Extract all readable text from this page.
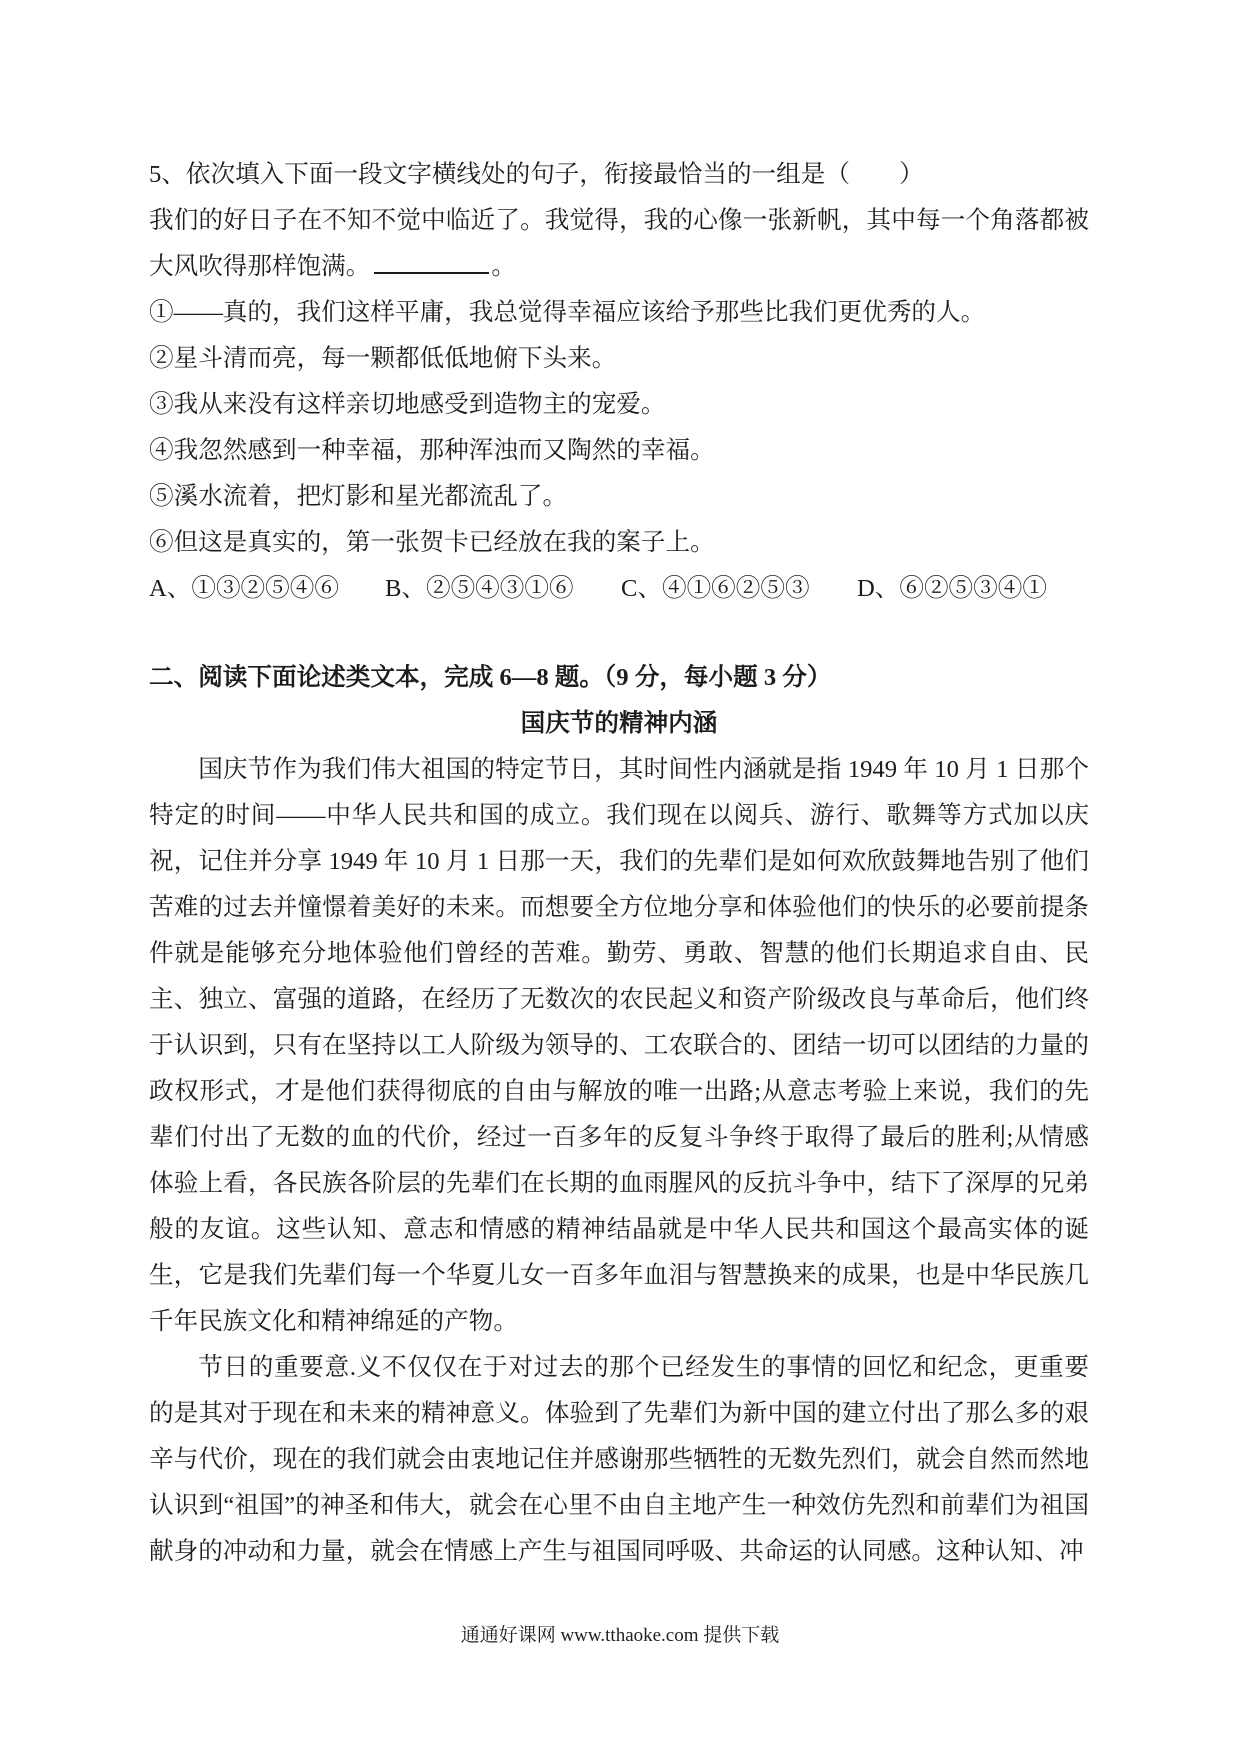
5、依次填入下面一段文字横线处的句子，衔接最恰当的一组是（　　）

我们的好日子在不知不觉中临近了。我觉得，我的心像一张新帆，其中每一个角落都被大风吹得那样饱满。	。

①——真的，我们这样平庸，我总觉得幸福应该给予那些比我们更优秀的人。

②星斗清而亮，每一颗都低低地俯下头来。

③我从来没有这样亲切地感受到造物主的宠爱。

④我忽然感到一种幸福，那种浑浊而又陶然的幸福。

⑤溪水流着，把灯影和星光都流乱了。

⑥但这是真实的，第一张贺卡已经放在我的案子上。

A、①③②⑤④⑥	B、②⑤④③①⑥	C、④①⑥②⑤③	D、⑥②⑤③④①

二、阅读下面论述类文本，完成 6—8 题。（9 分，每小题 3 分）

国庆节的精神内涵

国庆节作为我们伟大祖国的特定节日，其时间性内涵就是指 1949 年 10 月 1 日那个特定的时间——中华人民共和国的成立。我们现在以阅兵、游行、歌舞等方式加以庆祝，记住并分享 1949 年 10 月 1 日那一天，我们的先辈们是如何欢欣鼓舞地告别了他们苦难的过去并憧憬着美好的未来。而想要全方位地分享和体验他们的快乐的必要前提条件就是能够充分地体验他们曾经的苦难。勤劳、勇敢、智慧的他们长期追求自由、民主、独立、富强的道路，在经历了无数次的农民起义和资产阶级改良与革命后，他们终于认识到，只有在坚持以工人阶级为领导的、工农联合的、团结一切可以团结的力量的政权形式，才是他们获得彻底的自由与解放的唯一出路;从意志考验上来说，我们的先辈们付出了无数的血的代价，经过一百多年的反复斗争终于取得了最后的胜利;从情感体验上看，各民族各阶层的先辈们在长期的血雨腥风的反抗斗争中，结下了深厚的兄弟般的友谊。这些认知、意志和情感的精神结晶就是中华人民共和国这个最高实体的诞生，它是我们先辈们每一个华夏儿女一百多年血泪与智慧换来的成果，也是中华民族几千年民族文化和精神绵延的产物。

节日的重要意.义不仅仅在于对过去的那个已经发生的事情的回忆和纪念，更重要的是其对于现在和未来的精神意义。体验到了先辈们为新中国的建立付出了那么多的艰辛与代价，现在的我们就会由衷地记住并感谢那些牺牲的无数先烈们，就会自然而然地认识到“祖国”的神圣和伟大，就会在心里不由自主地产生一种效仿先烈和前辈们为祖国献身的冲动和力量，就会在情感上产生与祖国同呼吸、共命运的认同感。这种认知、冲

通通好课网 www.tthaoke.com 提供下载
